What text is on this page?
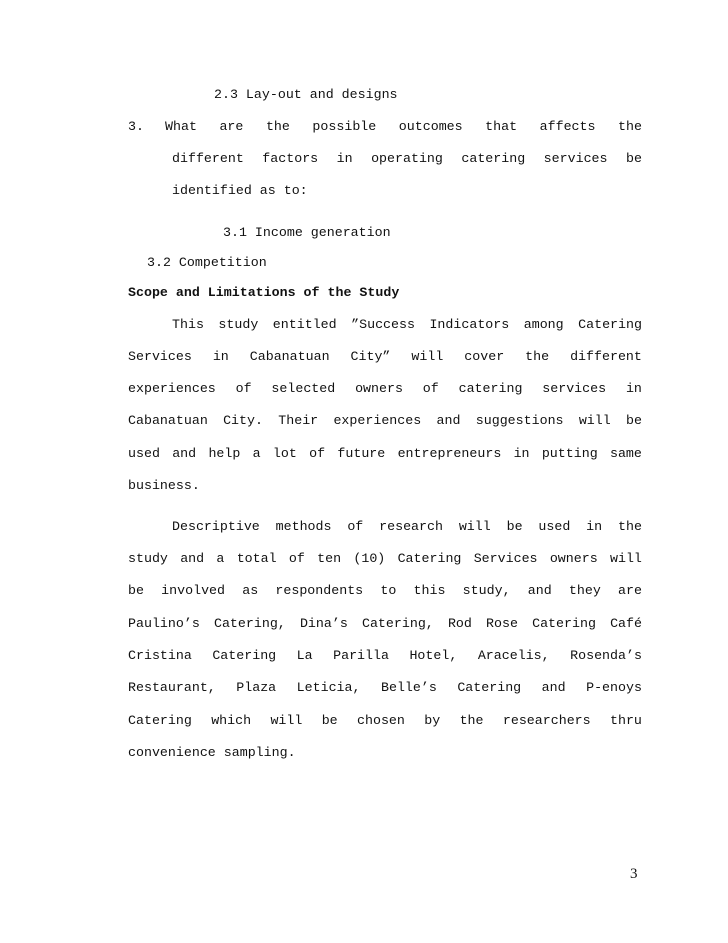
2.3 Lay-out and designs
3. What are the possible outcomes that affects the
different factors in operating catering services be
identified as to:
3.1 Income generation
3.2 Competition
Scope and Limitations of the Study
This study entitled ”Success Indicators among Catering
Services in Cabanatuan City” will cover the different
experiences of selected owners of catering services in
Cabanatuan City. Their experiences and suggestions will be
used and help a lot of future entrepreneurs in putting same
business.
Descriptive methods of research will be used in the
study and a total of ten (10) Catering Services owners will
be involved as respondents to this study, and they are
Paulino’s Catering, Dina’s Catering, Rod Rose Catering Café
Cristina Catering La Parilla Hotel, Aracelis, Rosenda’s
Restaurant, Plaza Leticia, Belle’s Catering and P-enoys
Catering which will be chosen by the researchers thru
convenience sampling.
3
